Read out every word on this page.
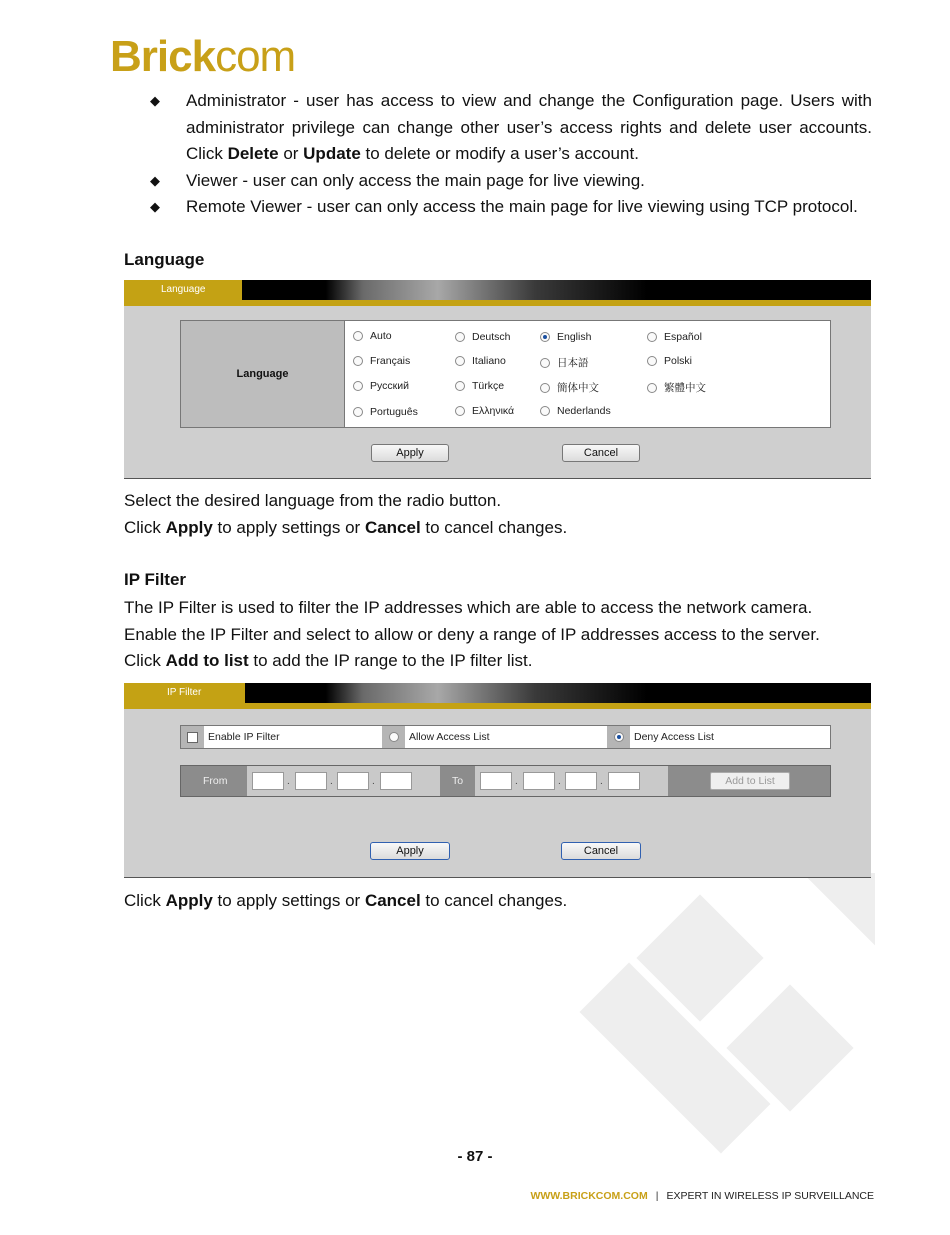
Brickcom
◆ Administrator - user has access to view and change the Configuration page. Users with administrator privilege can change other user’s access rights and delete user accounts. Click Delete or Update to delete or modify a user’s account.
◆ Viewer - user can only access the main page for live viewing.
◆ Remote Viewer - user can only access the main page for live viewing using TCP protocol.
Language
Language
Language
Auto	Deutsch	English	Español
Français	Italiano	日本語	Polski
Русский	Türkçe	簡体中文	繁體中文
Português	Ελληνικά	Nederlands
Apply	Cancel
Select the desired language from the radio button.
Click Apply to apply settings or Cancel to cancel changes.
IP Filter
The IP Filter is used to filter the IP addresses which are able to access the network camera.
Enable the IP Filter and select to allow or deny a range of IP addresses access to the server.
Click Add to list to add the IP range to the IP filter list.
IP Filter
Enable IP Filter	Allow Access List	Deny Access List
From	.	.	.	To	.	.	.	Add to List
Apply	Cancel
Click Apply to apply settings or Cancel to cancel changes.
- 87 -
WWW.BRICKCOM.COM | EXPERT IN WIRELESS IP SURVEILLANCE
